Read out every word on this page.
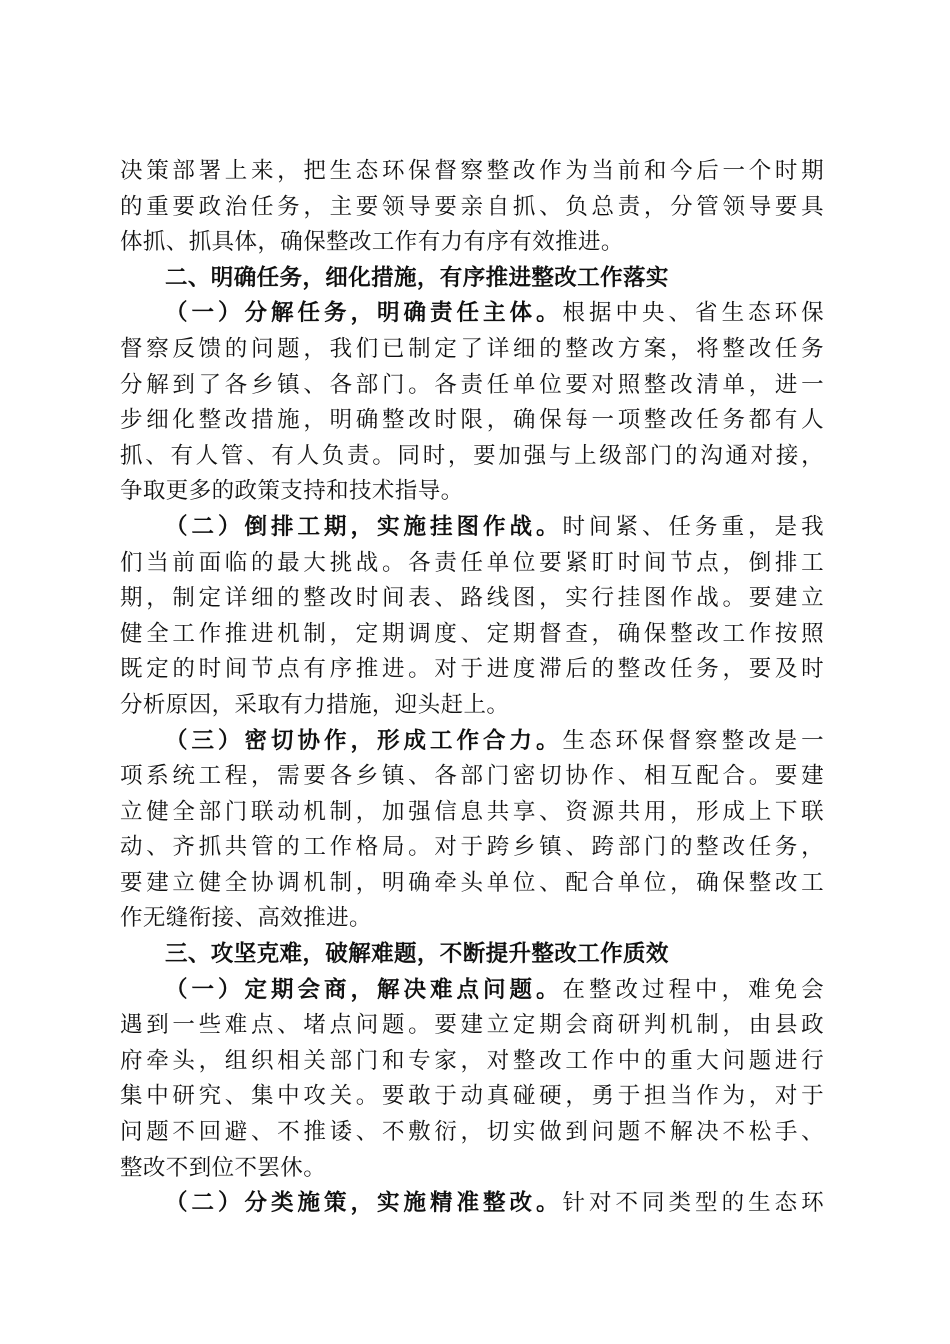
决策部署上来，把生态环保督察整改作为当前和今后一个时期
的重要政治任务，主要领导要亲自抓、负总责，分管领导要具
体抓、抓具体，确保整改工作有力有序有效推进。
二、明确任务，细化措施，有序推进整改工作落实
（一）分解任务，明确责任主体。根据中央、省生态环保
督察反馈的问题，我们已制定了详细的整改方案，将整改任务
分解到了各乡镇、各部门。各责任单位要对照整改清单，进一
步细化整改措施，明确整改时限，确保每一项整改任务都有人
抓、有人管、有人负责。同时，要加强与上级部门的沟通对接，
争取更多的政策支持和技术指导。
（二）倒排工期，实施挂图作战。时间紧、任务重，是我
们当前面临的最大挑战。各责任单位要紧盯时间节点，倒排工
期，制定详细的整改时间表、路线图，实行挂图作战。要建立
健全工作推进机制，定期调度、定期督查，确保整改工作按照
既定的时间节点有序推进。对于进度滞后的整改任务，要及时
分析原因，采取有力措施，迎头赶上。
（三）密切协作，形成工作合力。生态环保督察整改是一
项系统工程，需要各乡镇、各部门密切协作、相互配合。要建
立健全部门联动机制，加强信息共享、资源共用，形成上下联
动、齐抓共管的工作格局。对于跨乡镇、跨部门的整改任务，
要建立健全协调机制，明确牵头单位、配合单位，确保整改工
作无缝衔接、高效推进。
三、攻坚克难，破解难题，不断提升整改工作质效
（一）定期会商，解决难点问题。在整改过程中，难免会
遇到一些难点、堵点问题。要建立定期会商研判机制，由县政
府牵头，组织相关部门和专家，对整改工作中的重大问题进行
集中研究、集中攻关。要敢于动真碰硬，勇于担当作为，对于
问题不回避、不推诿、不敷衍，切实做到问题不解决不松手、
整改不到位不罢休。
（二）分类施策，实施精准整改。针对不同类型的生态环
